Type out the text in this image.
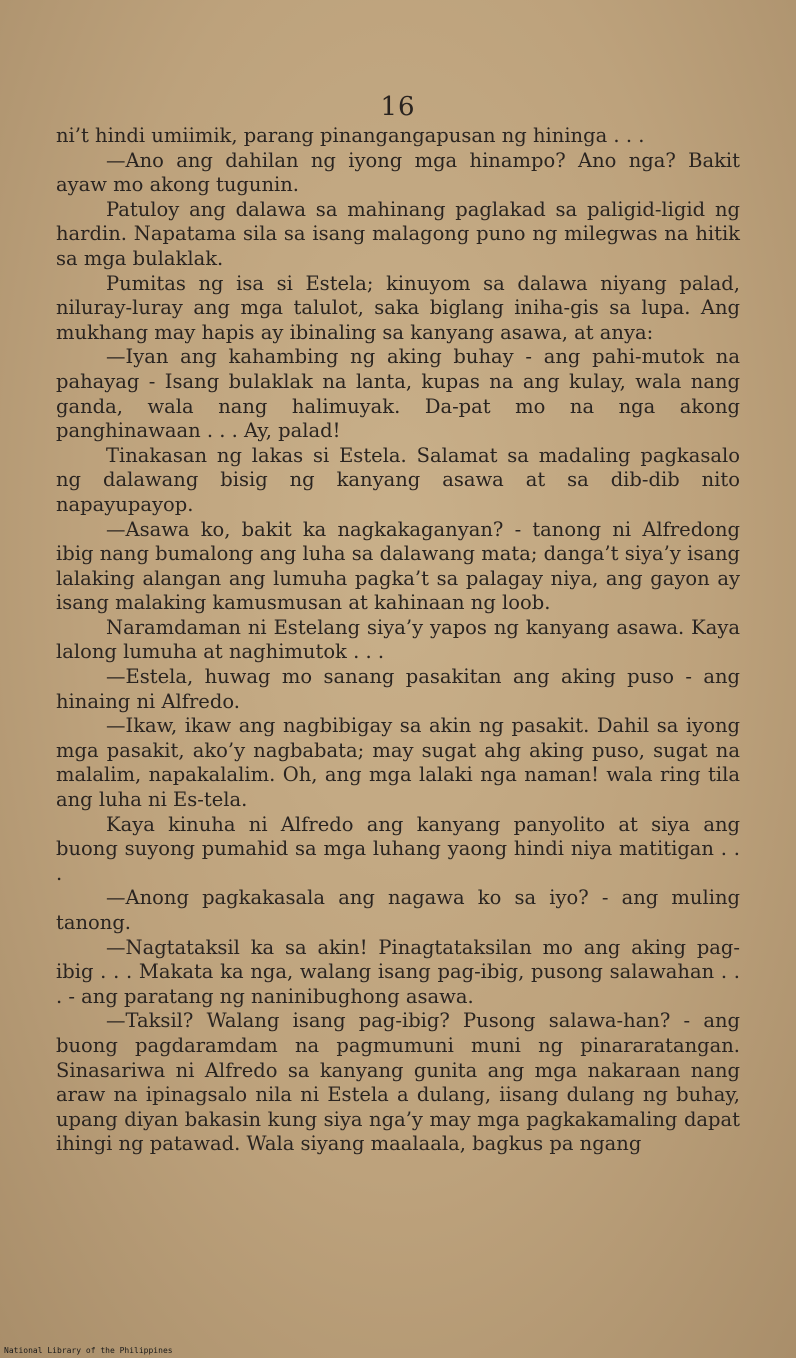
16

ni’t hindi umiimik, parang pinangangapusan ng hininga . . .

—Ano ang dahilan ng iyong mga hinampo? Ano nga? Bakit ayaw mo akong tugunin.

Patuloy ang dalawa sa mahinang paglakad sa paligid-ligid ng hardin. Napatama sila sa isang malagong puno ng milegwas na hitik sa mga bulaklak.

Pumitas ng isa si Estela; kinuyom sa dalawa niyang palad, niluray-luray ang mga talulot, saka biglang iniha-gis sa lupa. Ang mukhang may hapis ay ibinaling sa kanyang asawa, at anya:

—Iyan ang kahambing ng aking buhay - ang pahi-mutok na pahayag - Isang bulaklak na lanta, kupas na ang kulay, wala nang ganda, wala nang halimuyak. Da-pat mo na nga akong panghinawaan . . . Ay, palad!

Tinakasan ng lakas si Estela. Salamat sa madaling pagkasalo ng dalawang bisig ng kanyang asawa at sa dib-dib nito napayupayop.

—Asawa ko, bakit ka nagkakaganyan? - tanong ni Alfredong ibig nang bumalong ang luha sa dalawang mata; danga’t siya’y isang lalaking alangan ang lumuha pagka’t sa palagay niya, ang gayon ay isang malaking kamusmusan at kahinaan ng loob.

Naramdaman ni Estelang siya’y yapos ng kanyang asawa. Kaya lalong lumuha at naghimutok . . .

—Estela, huwag mo sanang pasakitan ang aking puso - ang hinaing ni Alfredo.

—Ikaw, ikaw ang nagbibigay sa akin ng pasakit. Dahil sa iyong mga pasakit, ako’y nagbabata; may sugat ahg aking puso, sugat na malalim, napakalalim. Oh, ang mga lalaki nga naman! wala ring tila ang luha ni Es-tela.

Kaya kinuha ni Alfredo ang kanyang panyolito at siya ang buong suyong pumahid sa mga luhang yaong hindi niya matitigan . . .

—Anong pagkakasala ang nagawa ko sa iyo? - ang muling tanong.

—Nagtataksil ka sa akin! Pinagtataksilan mo ang aking pag-ibig . . . Makata ka nga, walang isang pag-ibig, pusong salawahan . . . - ang paratang ng naninibughong asawa.

—Taksil? Walang isang pag-ibig? Pusong salawa-han? - ang buong pagdaramdam na pagmumuni muni ng pinararatangan. Sinasariwa ni Alfredo sa kanyang gunita ang mga nakaraan nang araw na ipinagsalo nila ni Estela a dulang, iisang dulang ng buhay, upang diyan bakasin kung siya nga’y may mga pagkakamaling dapat ihingi ng patawad. Wala siyang maalaala, bagkus pa ngang

National Library of the Philippines
